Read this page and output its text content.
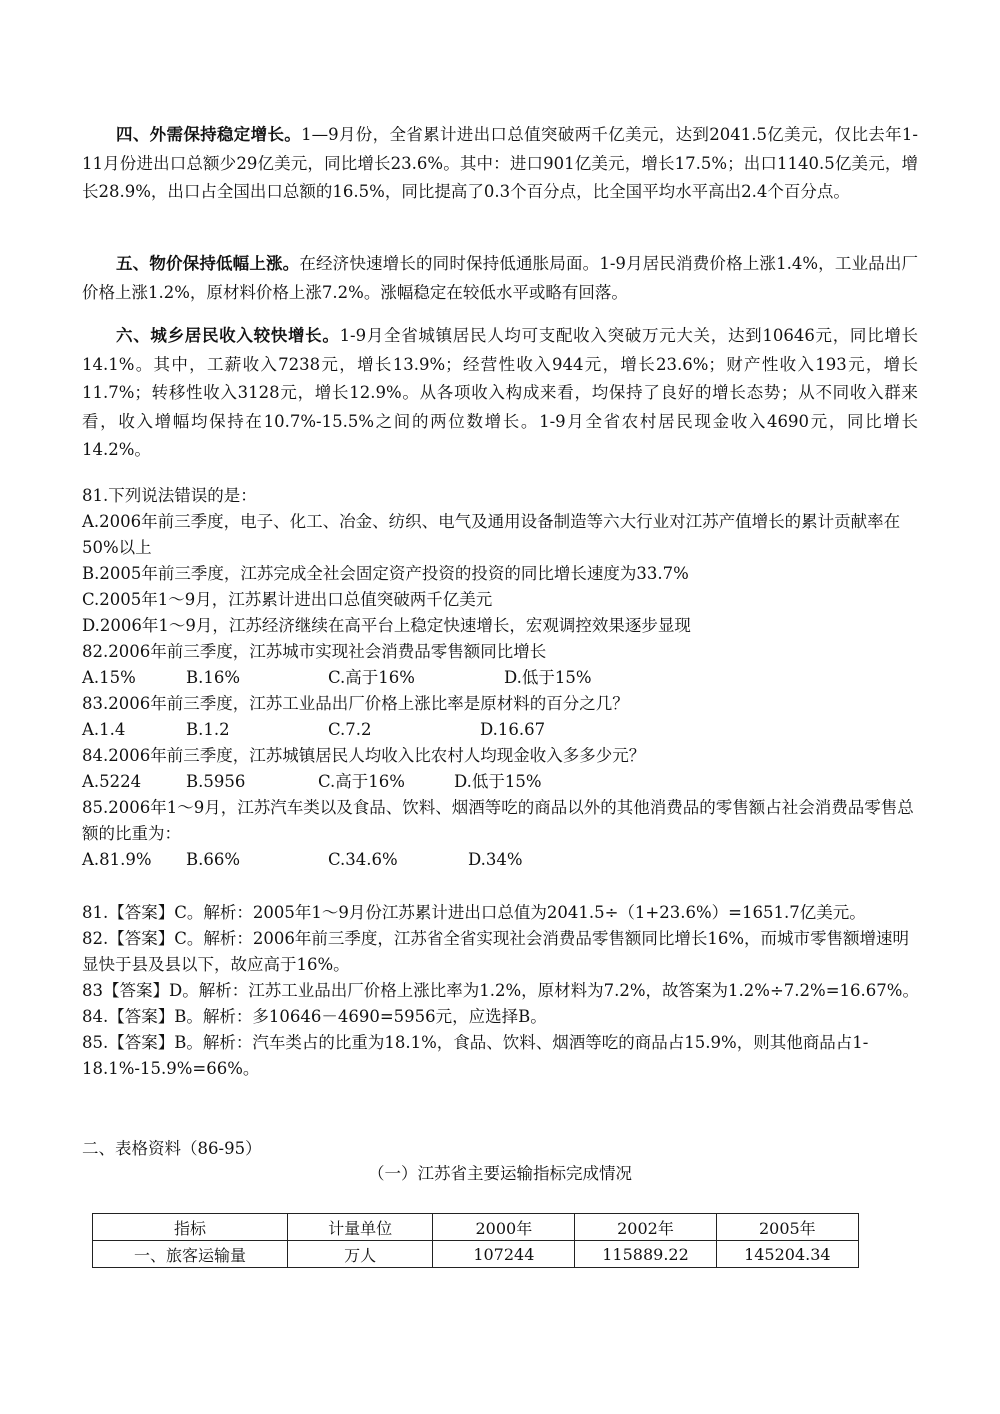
四、外需保持稳定增长。1—9月份，全省累计进出口总值突破两千亿美元，达到2041.5亿美元，仅比去年1-11月份进出口总额少29亿美元，同比增长23.6%。其中：进口901亿美元，增长17.5%；出口1140.5亿美元，增长28.9%，出口占全国出口总额的16.5%，同比提高了0.3个百分点，比全国平均水平高出2.4个百分点。

五、物价保持低幅上涨。在经济快速增长的同时保持低通胀局面。1-9月居民消费价格上涨1.4%，工业品出厂价格上涨1.2%，原材料价格上涨7.2%。涨幅稳定在较低水平或略有回落。

六、城乡居民收入较快增长。1-9月全省城镇居民人均可支配收入突破万元大关，达到10646元，同比增长14.1%。其中，工薪收入7238元，增长13.9%；经营性收入944元，增长23.6%；财产性收入193元，增长11.7%；转移性收入3128元，增长12.9%。从各项收入构成来看，均保持了良好的增长态势；从不同收入群来看，收入增幅均保持在10.7%-15.5%之间的两位数增长。1-9月全省农村居民现金收入4690元，同比增长14.2%。

81.下列说法错误的是：
A.2006年前三季度，电子、化工、冶金、纺织、电气及通用设备制造等六大行业对江苏产值增长的累计贡献率在50%以上
B.2005年前三季度，江苏完成全社会固定资产投资的投资的同比增长速度为33.7%
C.2005年1～9月，江苏累计进出口总值突破两千亿美元
D.2006年1～9月，江苏经济继续在高平台上稳定快速增长，宏观调控效果逐步显现
82.2006年前三季度，江苏城市实现社会消费品零售额同比增长
A.15%	B.16%	C.高于16%	D.低于15%
83.2006年前三季度，江苏工业品出厂价格上涨比率是原材料的百分之几？
A.1.4	B.1.2	C.7.2	D.16.67
84.2006年前三季度，江苏城镇居民人均收入比农村人均现金收入多多少元？
A.5224	B.5956	C.高于16%	D.低于15%
85.2006年1～9月，江苏汽车类以及食品、饮料、烟酒等吃的商品以外的其他消费品的零售额占社会消费品零售总额的比重为：
A.81.9% B.66%	C.34.6%	D.34%
81.【答案】C。解析：2005年1～9月份江苏累计进出口总值为2041.5÷（1+23.6%）=1651.7亿美元。
82.【答案】C。解析：2006年前三季度，江苏省全省实现社会消费品零售额同比增长16%，而城市零售额增速明显快于县及县以下，故应高于16%。
83【答案】D。解析：江苏工业品出厂价格上涨比率为1.2%，原材料为7.2%，故答案为1.2%÷7.2%=16.67%。
84.【答案】B。解析：多10646－4690=5956元，应选择B。
85.【答案】B。解析：汽车类占的比重为18.1%，食品、饮料、烟酒等吃的商品占15.9%，则其他商品占1-18.1%-15.9%=66%。
二、表格资料（86-95）
（一）江苏省主要运输指标完成情况
指标	计量单位	2000年	2002年	2005年
一、旅客运输量	万人	107244	115889.22	145204.34
